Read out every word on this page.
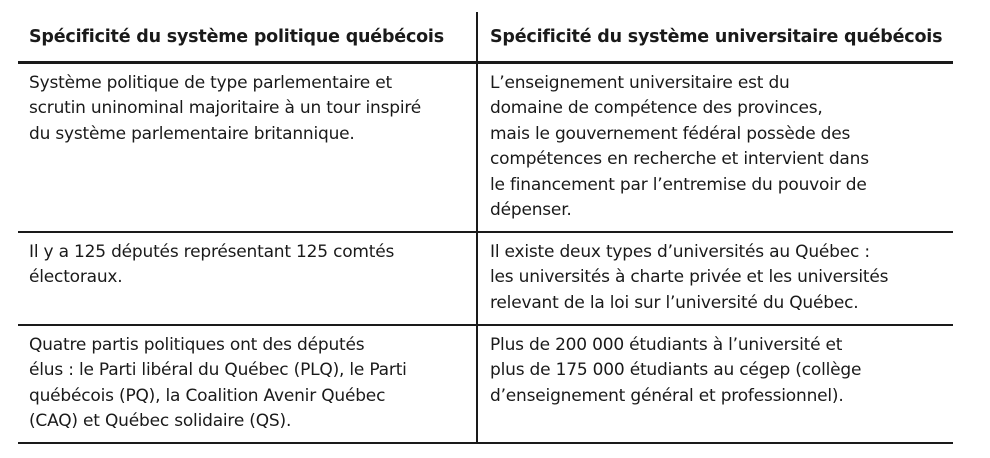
Spécificité du système politique québécois	Spécificité du système universitaire québécois
Système politique de type parlementaire et
scrutin uninominal majoritaire à un tour inspiré
du système parlementaire britannique.
L’enseignement universitaire est du
domaine de compétence des provinces,
mais le gouvernement fédéral possède des
compétences en recherche et intervient dans
le financement par l’entremise du pouvoir de
dépenser.
Il y a 125 députés représentant 125 comtés
électoraux.
Il existe deux types d’universités au Québec :
les universités à charte privée et les universités
relevant de la loi sur l’université du Québec.
Quatre partis politiques ont des députés
élus : le Parti libéral du Québec (PLQ), le Parti
québécois (PQ), la Coalition Avenir Québec
(CAQ) et Québec solidaire (QS).
Plus de 200 000 étudiants à l’université et
plus de 175 000 étudiants au cégep (collège
d’enseignement général et professionnel).
